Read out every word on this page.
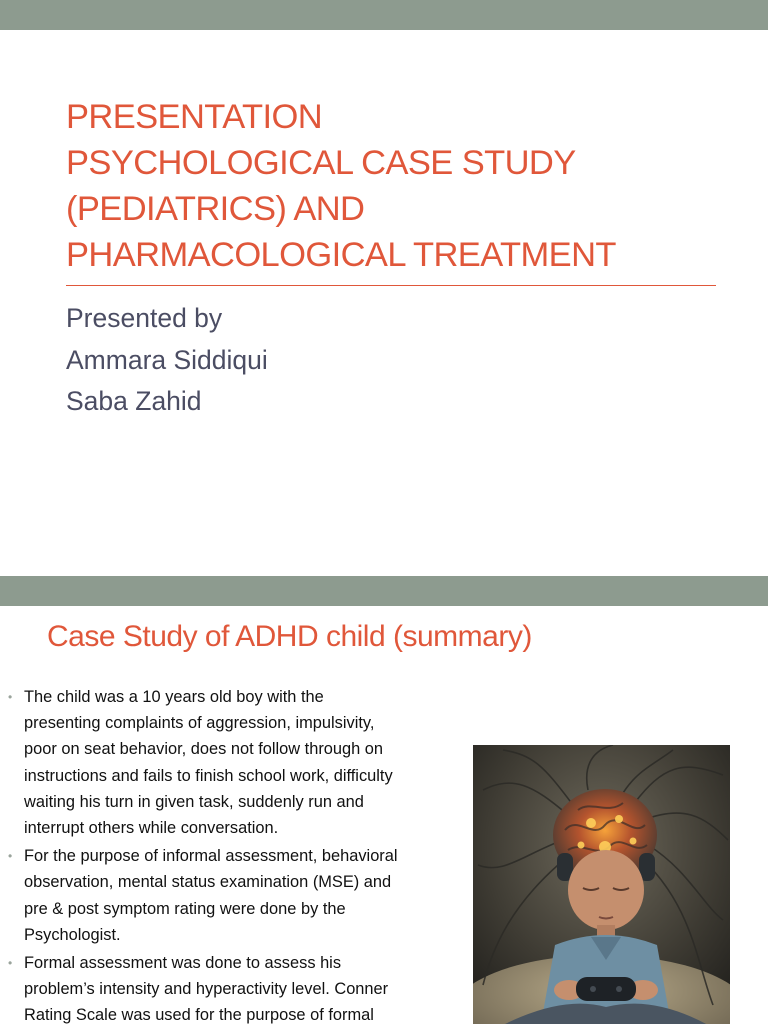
PRESENTATION
PSYCHOLOGICAL CASE STUDY
(PEDIATRICS) AND
PHARMACOLOGICAL TREATMENT
Presented by
Ammara Siddiqui
Saba Zahid
Case Study of ADHD child (summary)
• The child was a 10 years old boy with the
presenting complaints of aggression, impulsivity,
poor on seat behavior, does not follow through on
instructions and fails to finish school work, difficulty
waiting his turn in given task, suddenly run and
interrupt others while conversation.
• For the purpose of informal assessment, behavioral
observation, mental status examination (MSE) and
pre & post symptom rating were done by the
Psychologist.
• Formal assessment was done to assess his
problem’s intensity and hyperactivity level. Conner
Rating Scale was used for the purpose of formal
